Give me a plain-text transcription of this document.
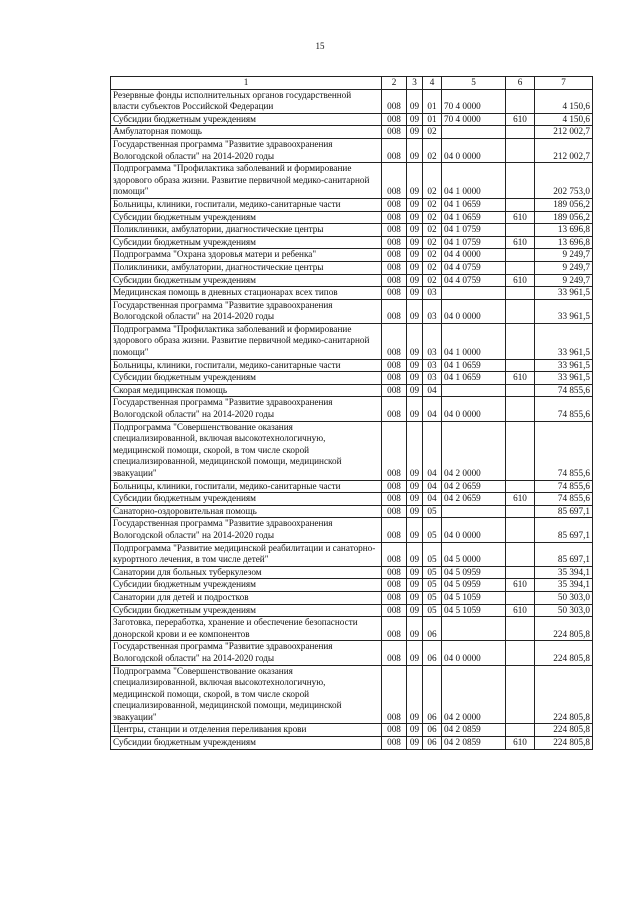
15
1	2	3	4	5	6	7
Резервные фонды исполнительных органов государственной власти субъектов Российской Федерации	008	09	01	70 4 0000		4 150,6
Субсидии бюджетным учреждениям	008	09	01	70 4 0000	610	4 150,6
Амбулаторная помощь	008	09	02			212 002,7
Государственная программа "Развитие здравоохранения Вологодской области" на 2014-2020 годы	008	09	02	04 0 0000		212 002,7
Подпрограмма "Профилактика заболеваний и формирование здорового образа жизни. Развитие первичной медико-санитарной помощи"	008	09	02	04 1 0000		202 753,0
Больницы, клиники, госпитали, медико-санитарные части	008	09	02	04 1 0659		189 056,2
Субсидии бюджетным учреждениям	008	09	02	04 1 0659	610	189 056,2
Поликлиники, амбулатории, диагностические центры	008	09	02	04 1 0759		13 696,8
Субсидии бюджетным учреждениям	008	09	02	04 1 0759	610	13 696,8
Подпрограмма "Охрана здоровья матери и ребенка"	008	09	02	04 4 0000		9 249,7
Поликлиники, амбулатории, диагностические центры	008	09	02	04 4 0759		9 249,7
Субсидии бюджетным учреждениям	008	09	02	04 4 0759	610	9 249,7
Медицинская помощь в дневных стационарах всех типов	008	09	03			33 961,5
Государственная программа "Развитие здравоохранения Вологодской области" на 2014-2020 годы	008	09	03	04 0 0000		33 961,5
Подпрограмма "Профилактика заболеваний и формирование здорового образа жизни. Развитие первичной медико-санитарной помощи"	008	09	03	04 1 0000		33 961,5
Больницы, клиники, госпитали, медико-санитарные части	008	09	03	04 1 0659		33 961,5
Субсидии бюджетным учреждениям	008	09	03	04 1 0659	610	33 961,5
Скорая медицинская помощь	008	09	04			74 855,6
Государственная программа "Развитие здравоохранения Вологодской области" на 2014-2020 годы	008	09	04	04 0 0000		74 855,6
Подпрограмма "Совершенствование оказания специализированной, включая высокотехнологичную, медицинской помощи, скорой, в том числе скорой специализированной, медицинской помощи, медицинской эвакуации"	008	09	04	04 2 0000		74 855,6
Больницы, клиники, госпитали, медико-санитарные части	008	09	04	04 2 0659		74 855,6
Субсидии бюджетным учреждениям	008	09	04	04 2 0659	610	74 855,6
Санаторно-оздоровительная помощь	008	09	05			85 697,1
Государственная программа "Развитие здравоохранения Вологодской области" на 2014-2020 годы	008	09	05	04 0 0000		85 697,1
Подпрограмма "Развитие медицинской реабилитации и санаторно-курортного лечения, в том числе детей"	008	09	05	04 5 0000		85 697,1
Санатории для больных туберкулезом	008	09	05	04 5 0959		35 394,1
Субсидии бюджетным учреждениям	008	09	05	04 5 0959	610	35 394,1
Санатории для детей и подростков	008	09	05	04 5 1059		50 303,0
Субсидии бюджетным учреждениям	008	09	05	04 5 1059	610	50 303,0
Заготовка, переработка, хранение и обеспечение безопасности донорской крови и ее компонентов	008	09	06			224 805,8
Государственная программа "Развитие здравоохранения Вологодской области" на 2014-2020 годы	008	09	06	04 0 0000		224 805,8
Подпрограмма "Совершенствование оказания специализированной, включая высокотехнологичную, медицинской помощи, скорой, в том числе скорой специализированной, медицинской помощи, медицинской эвакуации"	008	09	06	04 2 0000		224 805,8
Центры, станции и отделения переливания крови	008	09	06	04 2 0859		224 805,8
Субсидии бюджетным учреждениям	008	09	06	04 2 0859	610	224 805,8
